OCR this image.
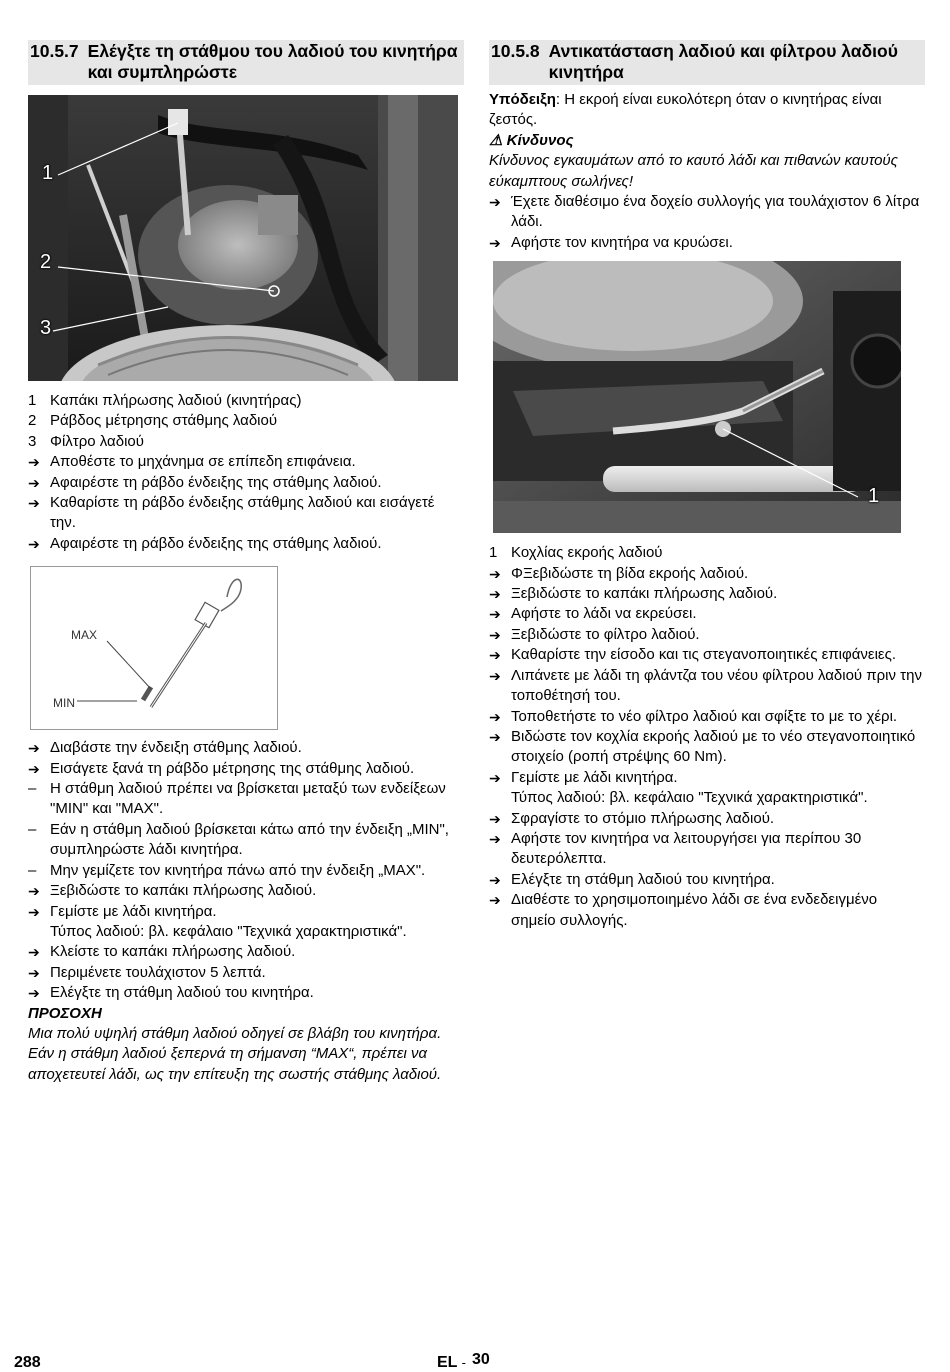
10.5.7 Ελέγξτε τη στάθμου του λαδιού του κινητήρα και συμπληρώστε
1
2
3
1 Καπάκι πλήρωσης λαδιού (κινητήρας)
2 Ράβδος μέτρησης στάθμης λαδιού
3 Φίλτρο λαδιού
➔ Αποθέστε το μηχάνημα σε επίπεδη επιφάνεια.
➔ Αφαιρέστε τη ράβδο ένδειξης της στάθμης λαδιού.
➔ Καθαρίστε τη ράβδο ένδειξης στάθμης λαδιού και εισάγετέ την.
➔ Αφαιρέστε τη ράβδο ένδειξης της στάθμης λαδιού.
MAX
MIN
➔ Διαβάστε την ένδειξη στάθμης λαδιού.
➔ Εισάγετε ξανά τη ράβδο μέτρησης της στάθμης λαδιού.
– Η στάθμη λαδιού πρέπει να βρίσκεται μεταξύ των ενδείξεων "MIN" και "MAX".
– Εάν η στάθμη λαδιού βρίσκεται κάτω από την ένδειξη „MIN", συμπληρώστε λάδι κινητήρα.
– Μην γεμίζετε τον κινητήρα πάνω από την ένδειξη „MAX".
➔ Ξεβιδώστε το καπάκι πλήρωσης λαδιού.
➔ Γεμίστε με λάδι κινητήρα.
Τύπος λαδιού: βλ. κεφάλαιο "Τεχνικά χαρακτηριστικά".
➔ Κλείστε το καπάκι πλήρωσης λαδιού.
➔ Περιμένετε τουλάχιστον 5 λεπτά.
➔ Ελέγξτε τη στάθμη λαδιού του κινητήρα.
ΠΡΟΣΟΧΗ
Μια πολύ υψηλή στάθμη λαδιού οδηγεί σε βλάβη του κινητήρα. Εάν η στάθμη λαδιού ξεπερνά τη σήμανση “MAX“, πρέπει να αποχετευτεί λάδι, ως την επίτευξη της σωστής στάθμης λαδιού.
10.5.8 Αντικατάσταση λαδιού και φίλτρου λαδιού κινητήρα
Υπόδειξη: Η εκροή είναι ευκολότερη όταν ο κινητήρας είναι ζεστός.
⚠ Κίνδυνος
Κίνδυνος εγκαυμάτων από το καυτό λάδι και πιθανών καυτούς εύκαμπτους σωλήνες!
➔ Έχετε διαθέσιμο ένα δοχείο συλλογής για τουλάχιστον 6 λίτρα λάδι.
➔ Αφήστε τον κινητήρα να κρυώσει.
1
1 Κοχλίας εκροής λαδιού
➔ ΦΞεβιδώστε τη βίδα εκροής λαδιού.
➔ Ξεβιδώστε το καπάκι πλήρωσης λαδιού.
➔ Αφήστε το λάδι να εκρεύσει.
➔ Ξεβιδώστε το φίλτρο λαδιού.
➔ Καθαρίστε την είσοδο και τις στεγανοποιητικές επιφάνειες.
➔ Λιπάνετε με λάδι τη φλάντζα του νέου φίλτρου λαδιού πριν την τοποθέτησή του.
➔ Τοποθετήστε το νέο φίλτρο λαδιού και σφίξτε το με το χέρι.
➔ Βιδώστε τον κοχλία εκροής λαδιού με το νέο στεγανοποιητικό στοιχείο (ροπή στρέψης 60 Nm).
➔ Γεμίστε με λάδι κινητήρα.
Τύπος λαδιού: βλ. κεφάλαιο "Τεχνικά χαρακτηριστικά".
➔ Σφραγίστε το στόμιο πλήρωσης λαδιού.
➔ Αφήστε τον κινητήρα να λειτουργήσει για περίπου 30 δευτερόλεπτα.
➔ Ελέγξτε τη στάθμη λαδιού του κινητήρα.
➔ Διαθέστε το χρησιμοποιημένο λάδι σε ένα ενδεδειγμένο σημείο συλλογής.
288	EL - 30
